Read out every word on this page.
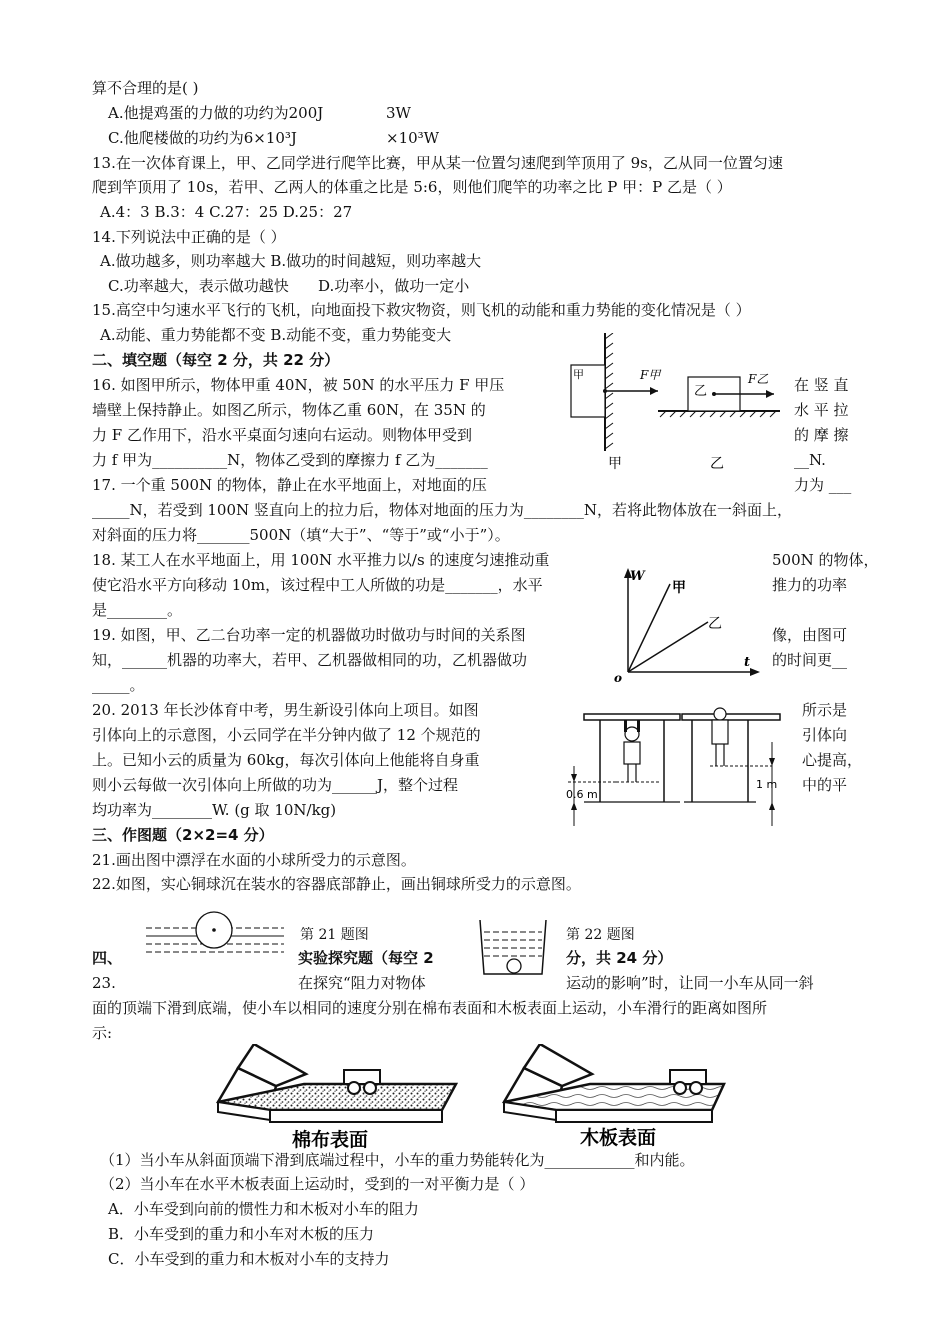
算不合理的是( )
A.他提鸡蛋的力做的功约为200J	3W
C.他爬楼做的功约为6×10³J	×10³W
13.在一次体育课上，甲、乙同学进行爬竿比赛，甲从某一位置匀速爬到竿顶用了 9s，乙从同一位置匀速
爬到竿顶用了 10s，若甲、乙两人的体重之比是 5:6，则他们爬竿的功率之比 P 甲：P 乙是（ ）
A.4：3 B.3：4 C.27：25 D.25：27
14.下列说法中正确的是（ ）
A.做功越多，则功率越大 B.做功的时间越短，则功率越大
C.功率越大，表示做功越快 D.功率小，做功一定小
15.高空中匀速水平飞行的飞机，向地面投下救灾物资，则飞机的动能和重力势能的变化情况是（ ）
A.动能、重力势能都不变 B.动能不变，重力势能变大
二、填空题（每空 2 分，共 22 分）
16. 如图甲所示，物体甲重 40N，被 50N 的水平压力 F 甲压
墙壁上保持静止。如图乙所示，物体乙重 60N，在 35N 的
力 F 乙作用下，沿水平桌面匀速向右运动。则物体甲受到
力 f 甲为__________N，物体乙受到的摩擦力 f 乙为_______
在 竖 直
水 平 拉
的 摩 擦
__N.
甲	F甲
乙
F乙
甲	乙
17. 一个重 500N 的物体，静止在水平地面上，对地面的压	力为 ___
_____N，若受到 100N 竖直向上的拉力后，物体对地面的压力为________N，若将此物体放在一斜面上，
对斜面的压力将_______500N（填“大于”、“等于”或“小于”）。
18. 某工人在水平地面上，用 100N 水平推力以/s 的速度匀速推动重	500N 的物体，
使它沿水平方向移动 10m，该过程中工人所做的功是_______，水平	推力的功率
是________。
19. 如图，甲、乙二台功率一定的机器做功时做功与时间的关系图	像，由图可
知，______机器的功率大，若甲、乙机器做相同的功，乙机器做功	的时间更__
_____。
W
t
o
甲
乙
20. 2013 年长沙体育中考，男生新设引体向上项目。如图	所示是
引体向上的示意图，小云同学在半分钟内做了 12 个规范的	引体向
上。已知小云的质量为 60kg，每次引体向上他能将自身重	心提高，
则小云每做一次引体向上所做的功为______J，整个过程	中的平
均功率为________W. (g 取 10N/kg)
0.6 m
1 m
三、作图题（2×2=4 分）
21.画出图中漂浮在水面的小球所受力的示意图。
22.如图，实心铜球沉在装水的容器底部静止，画出铜球所受力的示意图。
第 21 题图	第 22 题图
四、	实验探究题（每空 2	分，共 24 分）
23.	在探究“阻力对物体	运动的影响”时，让同一小车从同一斜
面的顶端下滑到底端，使小车以相同的速度分别在棉布表面和木板表面上运动，小车滑行的距离如图所
示:
棉布表面	木板表面
（1）当小车从斜面顶端下滑到底端过程中，小车的重力势能转化为____________和内能。
（2）当小车在水平木板表面上运动时，受到的一对平衡力是（ ）
A．小车受到向前的惯性力和木板对小车的阻力
B．小车受到的重力和小车对木板的压力
C．小车受到的重力和木板对小车的支持力
